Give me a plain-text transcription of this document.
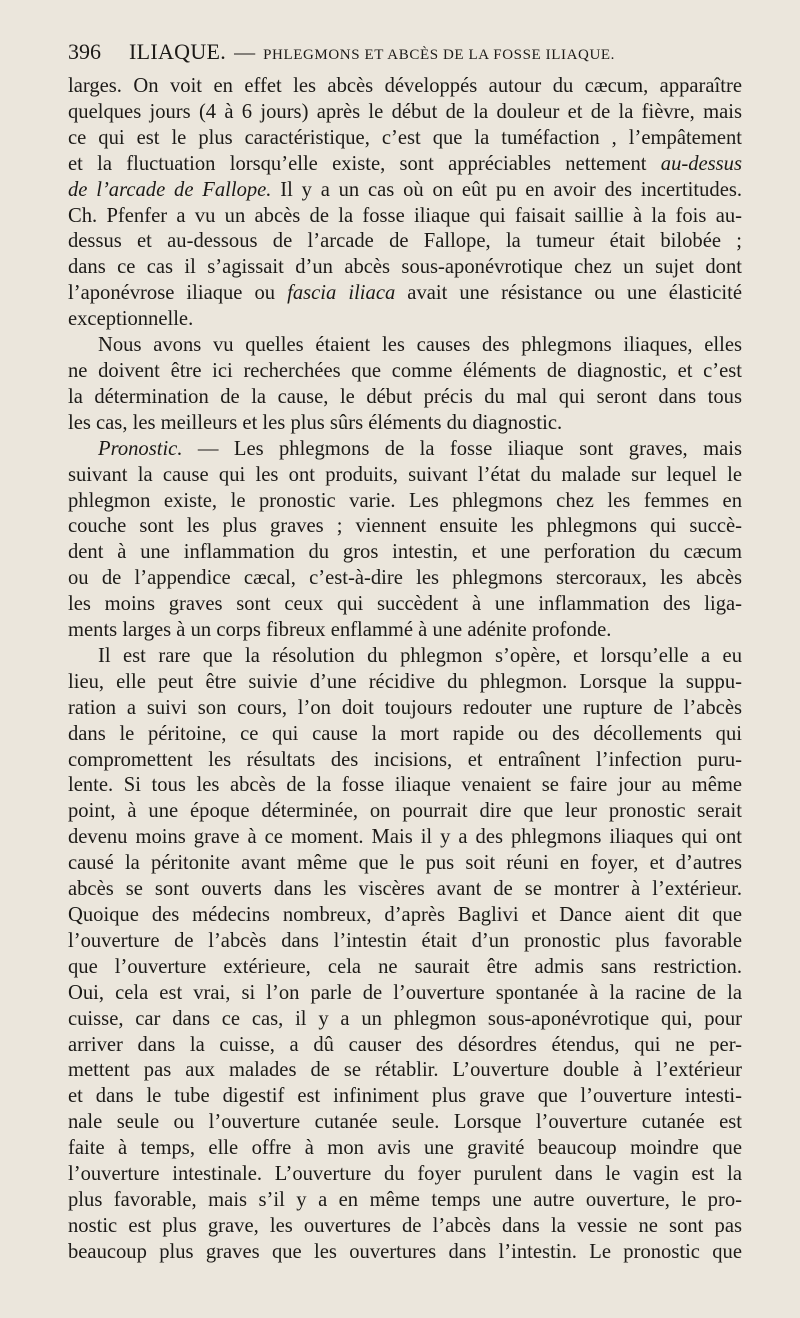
396 ILIAQUE. — PHLEGMONS ET ABCÈS DE LA FOSSE ILIAQUE.

larges. On voit en effet les abcès développés autour du cæcum, apparaître
quelques jours (4 à 6 jours) après le début de la douleur et de la fièvre, mais
ce qui est le plus caractéristique, c’est que la tuméfaction , l’empâtement
et la fluctuation lorsqu’elle existe, sont appréciables nettement au-dessus
de l’arcade de Fallope. Il y a un cas où on eût pu en avoir des incertitudes.
Ch. Pfenfer a vu un abcès de la fosse iliaque qui faisait saillie à la fois au-
dessus et au-dessous de l’arcade de Fallope, la tumeur était bilobée ;
dans ce cas il s’agissait d’un abcès sous-aponévrotique chez un sujet dont
l’aponévrose iliaque ou fascia iliaca avait une résistance ou une élasticité
exceptionnelle.

Nous avons vu quelles étaient les causes des phlegmons iliaques, elles
ne doivent être ici recherchées que comme éléments de diagnostic, et c’est
la détermination de la cause, le début précis du mal qui seront dans tous
les cas, les meilleurs et les plus sûrs éléments du diagnostic.

Pronostic. — Les phlegmons de la fosse iliaque sont graves, mais
suivant la cause qui les ont produits, suivant l’état du malade sur lequel le
phlegmon existe, le pronostic varie. Les phlegmons chez les femmes en
couche sont les plus graves ; viennent ensuite les phlegmons qui succè-
dent à une inflammation du gros intestin, et une perforation du cæcum
ou de l’appendice cæcal, c’est-à-dire les phlegmons stercoraux, les abcès
les moins graves sont ceux qui succèdent à une inflammation des liga-
ments larges à un corps fibreux enflammé à une adénite profonde.

Il est rare que la résolution du phlegmon s’opère, et lorsqu’elle a eu
lieu, elle peut être suivie d’une récidive du phlegmon. Lorsque la suppu-
ration a suivi son cours, l’on doit toujours redouter une rupture de l’abcès
dans le péritoine, ce qui cause la mort rapide ou des décollements qui
compromettent les résultats des incisions, et entraînent l’infection puru-
lente. Si tous les abcès de la fosse iliaque venaient se faire jour au même
point, à une époque déterminée, on pourrait dire que leur pronostic serait
devenu moins grave à ce moment. Mais il y a des phlegmons iliaques qui ont
causé la péritonite avant même que le pus soit réuni en foyer, et d’autres
abcès se sont ouverts dans les viscères avant de se montrer à l’extérieur.
Quoique des médecins nombreux, d’après Baglivi et Dance aient dit que
l’ouverture de l’abcès dans l’intestin était d’un pronostic plus favorable
que l’ouverture extérieure, cela ne saurait être admis sans restriction.
Oui, cela est vrai, si l’on parle de l’ouverture spontanée à la racine de la
cuisse, car dans ce cas, il y a un phlegmon sous-aponévrotique qui, pour
arriver dans la cuisse, a dû causer des désordres étendus, qui ne per-
mettent pas aux malades de se rétablir. L’ouverture double à l’extérieur
et dans le tube digestif est infiniment plus grave que l’ouverture intesti-
nale seule ou l’ouverture cutanée seule. Lorsque l’ouverture cutanée est
faite à temps, elle offre à mon avis une gravité beaucoup moindre que
l’ouverture intestinale. L’ouverture du foyer purulent dans le vagin est la
plus favorable, mais s’il y a en même temps une autre ouverture, le pro-
nostic est plus grave, les ouvertures de l’abcès dans la vessie ne sont pas
beaucoup plus graves que les ouvertures dans l’intestin. Le pronostic que
